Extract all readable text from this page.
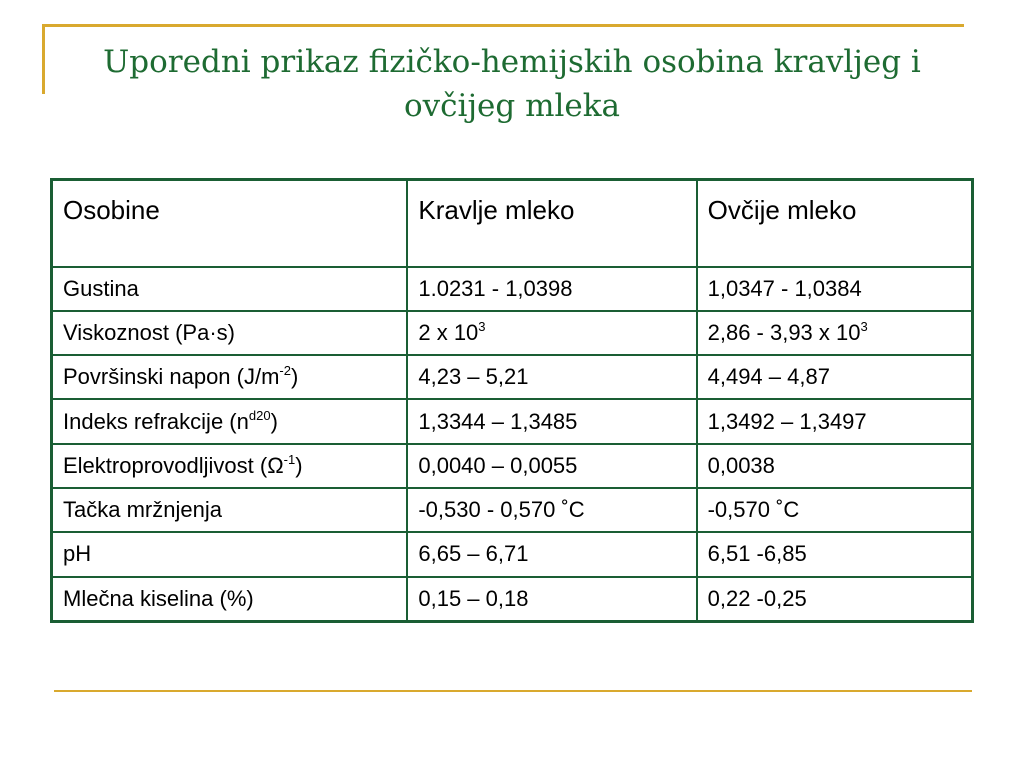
Uporedni prikaz fizičko-hemijskih osobina kravljeg i
ovčijeg mleka
Osobine	Kravlje mleko	Ovčije mleko
Gustina	1.0231 - 1,0398	1,0347 - 1,0384
Viskoznost (Pa·s)	2 x $10^3$	2,86 - 3,93 x $10^3$
Površinski napon $(J/m^{-2})$	4,23 – 5,21	4,494 – 4,87
Indeks refrakcije $(n^{d20})$	1,3344 – 1,3485	1,3492 – 1,3497
Elektroprovodljivost $(\Omega^{-1})$	0,0040 – 0,0055	0,0038
Tačka mržnjenja	-0,530 - 0,570 ˚C	-0,570 ˚C
pH	6,65 – 6,71	6,51 -6,85
Mlečna kiselina (%)	0,15 – 0,18	0,22 -0,25
